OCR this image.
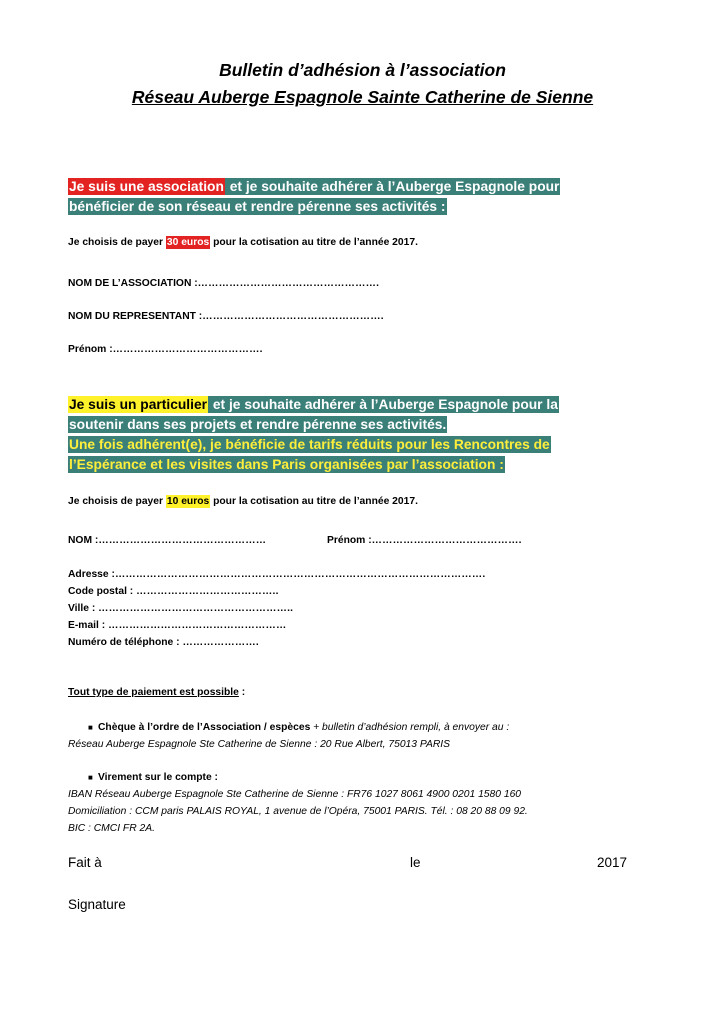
Bulletin d’adhésion à l’association
Réseau Auberge Espagnole Sainte Catherine de Sienne
Je suis une association et je souhaite adhérer à l’Auberge Espagnole pour
bénéficier de son réseau et rendre pérenne ses activités :
Je choisis de payer 30 euros pour la cotisation au titre de l’année 2017.
NOM DE L’ASSOCIATION :…………………………………………….
NOM DU REPRESENTANT :…………………………………………….
Prénom :…………………………………….
Je suis un particulier et je souhaite adhérer à l’Auberge Espagnole pour la
soutenir dans ses projets et rendre pérenne ses activités.
Une fois adhérent(e), je bénéficie de tarifs réduits pour les Rencontres de
l’Espérance et les visites dans Paris organisées par l’association :
Je choisis de payer 10 euros pour la cotisation au titre de l’année 2017.
NOM :…………………………………………	Prénom :…………………………………….
Adresse :…………………………………………………………………………………………….
Code postal : …………………………………..
Ville : ………………………………………………..
E-mail : ……………………………………………
Numéro de téléphone : ………………….
Tout type de paiement est possible :
■ Chèque à l’ordre de l’Association / espèces + bulletin d’adhésion rempli, à envoyer au :
Réseau Auberge Espagnole Ste Catherine de Sienne : 20 Rue Albert, 75013 PARIS
■ Virement sur le compte :
IBAN Réseau Auberge Espagnole Ste Catherine de Sienne : FR76 1027 8061 4900 0201 1580 160
Domiciliation : CCM paris PALAIS ROYAL, 1 avenue de l’Opéra, 75001 PARIS. Tél. : 08 20 88 09 92.
BIC : CMCI FR 2A.
Fait à	le	2017
Signature
